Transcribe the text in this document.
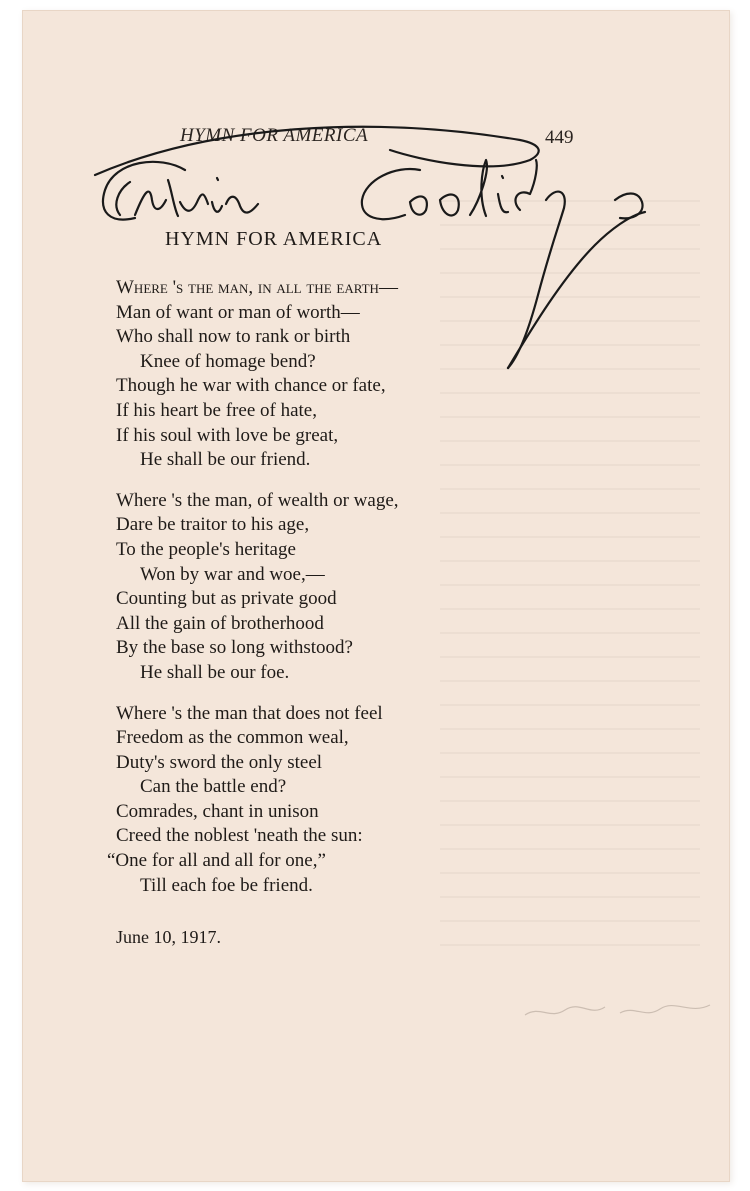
HYMN FOR AMERICA	449
HYMN FOR AMERICA
Where 's the man, in all the earth—
Man of want or man of worth—
Who shall now to rank or birth
Knee of homage bend?
Though he war with chance or fate,
If his heart be free of hate,
If his soul with love be great,
He shall be our friend.
Where 's the man, of wealth or wage,
Dare be traitor to his age,
To the people's heritage
Won by war and woe,—
Counting but as private good
All the gain of brotherhood
By the base so long withstood?
He shall be our foe.
Where 's the man that does not feel
Freedom as the common weal,
Duty's sword the only steel
Can the battle end?
Comrades, chant in unison
Creed the noblest 'neath the sun:
“One for all and all for one,”
Till each foe be friend.
June 10, 1917.
